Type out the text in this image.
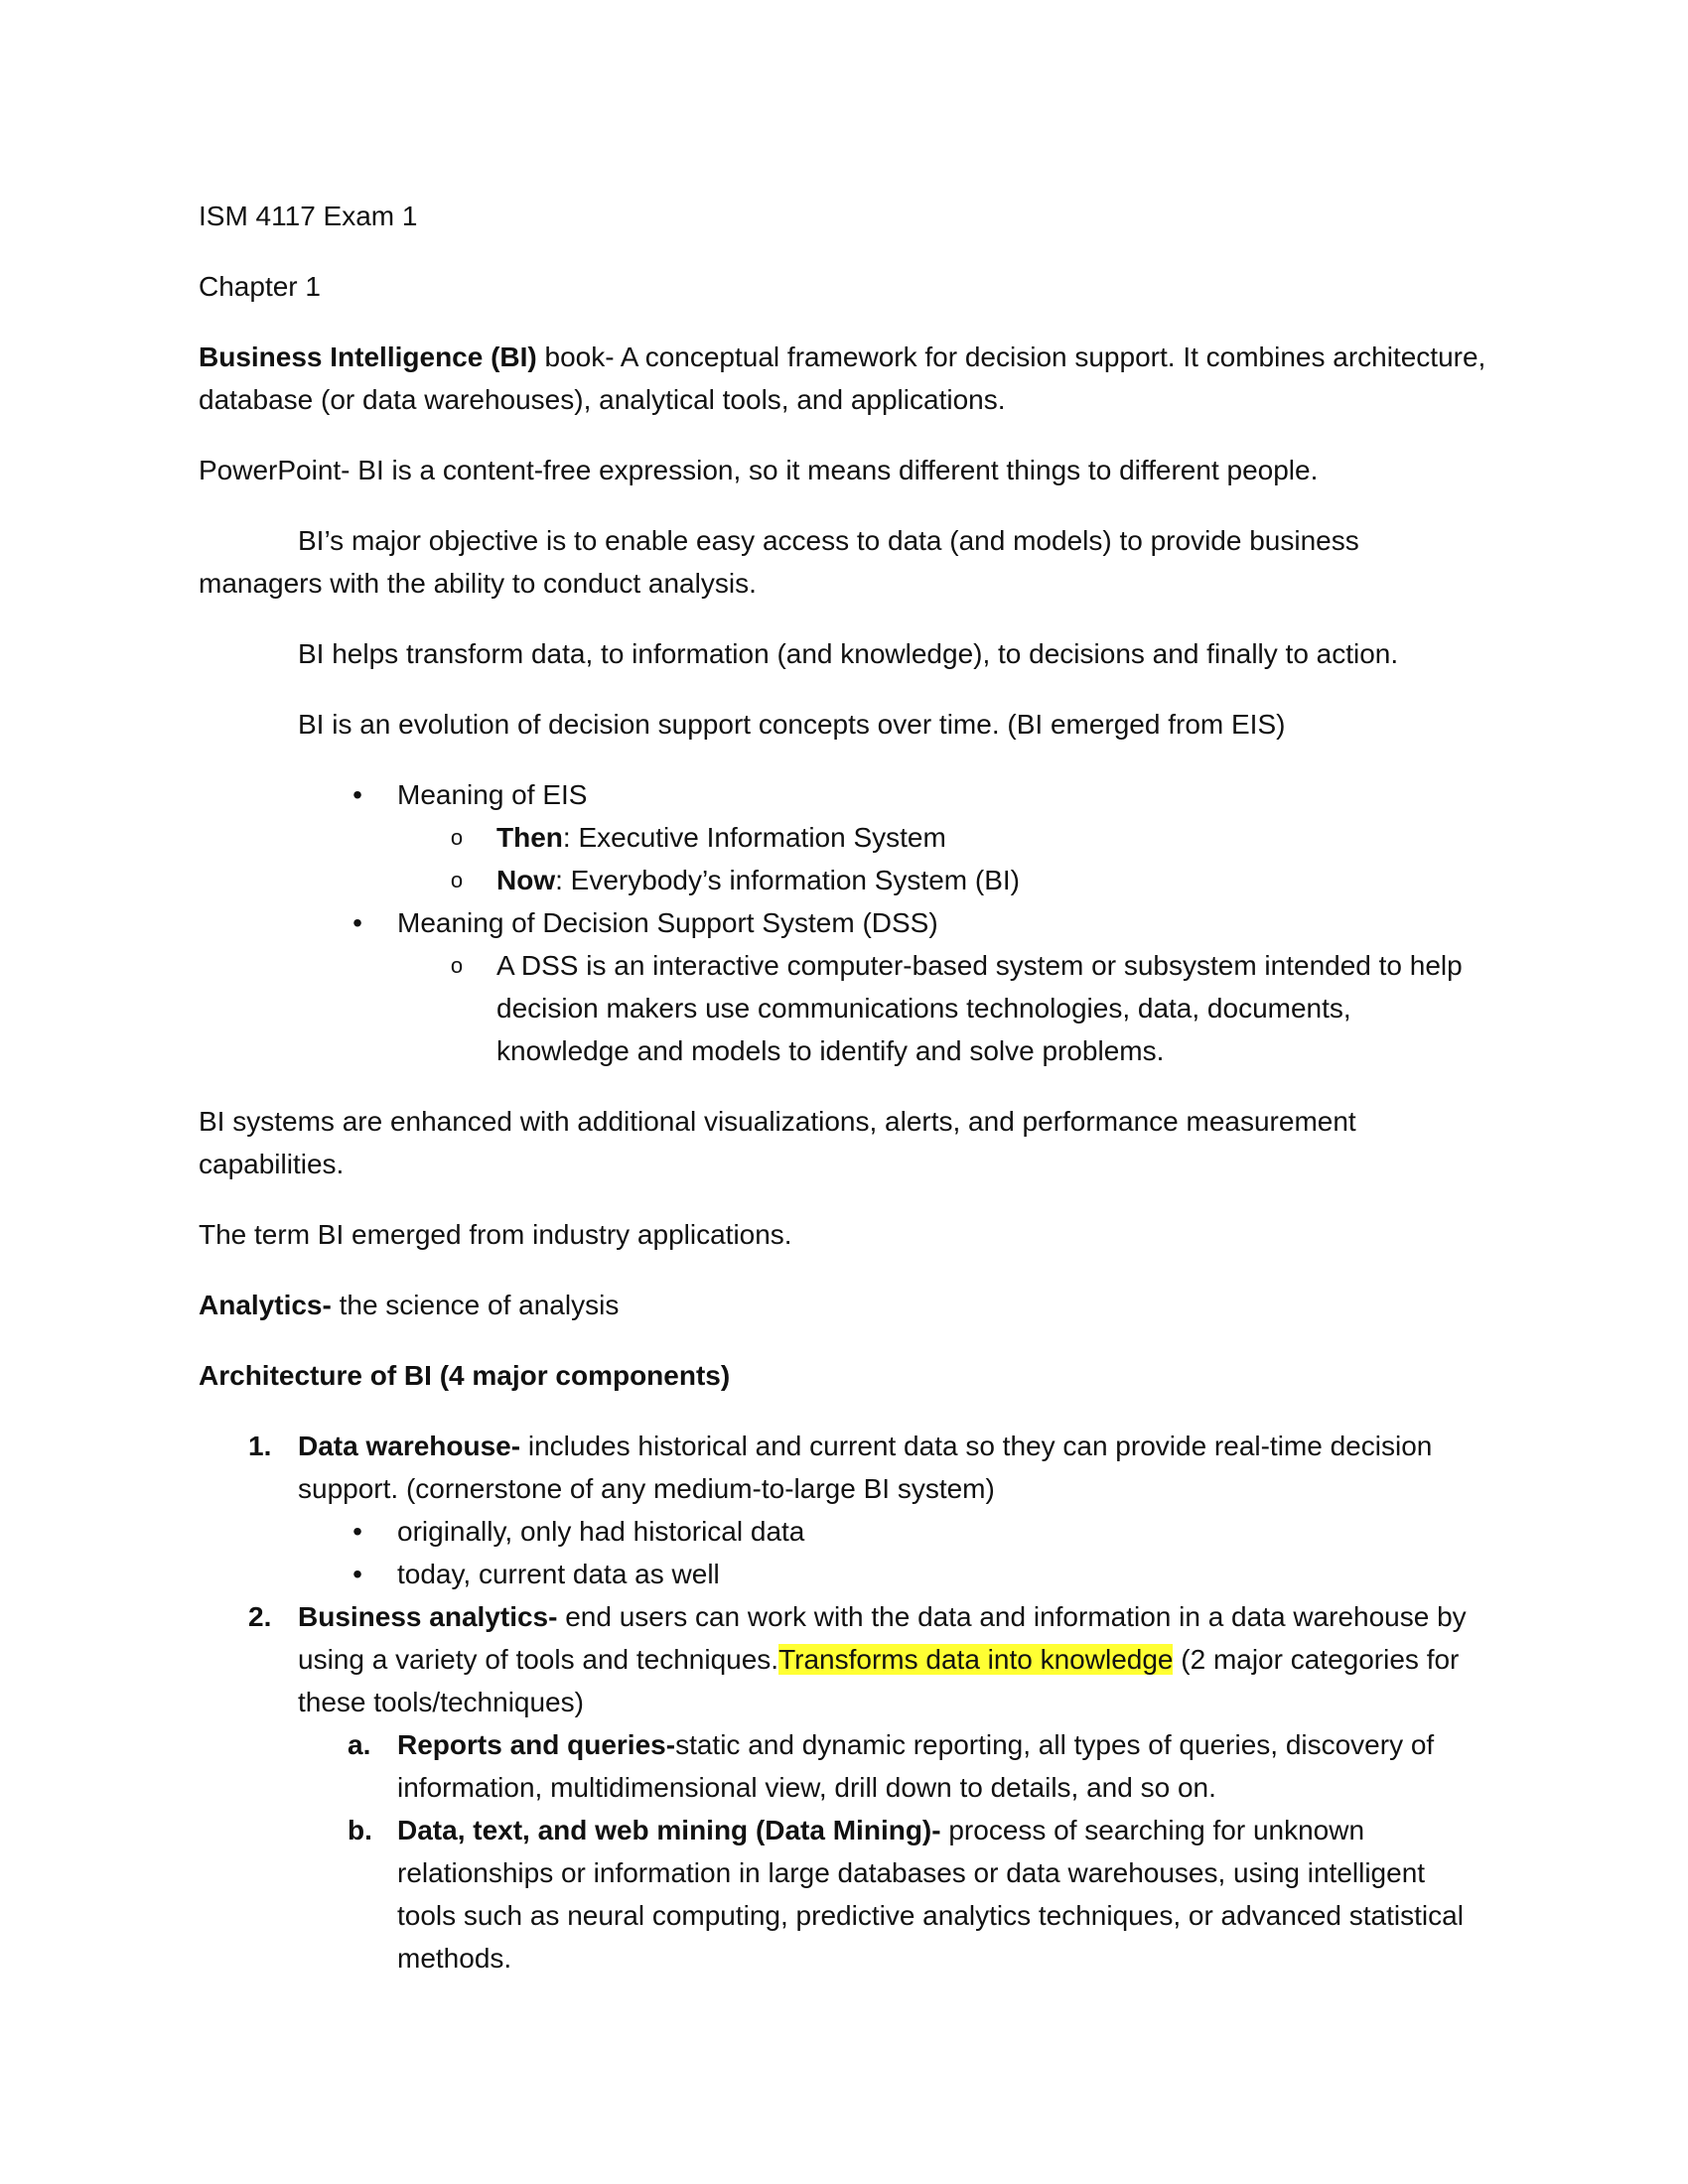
ISM 4117 Exam 1

Chapter 1

Business Intelligence (BI) book- A conceptual framework for decision support. It combines architecture, database (or data warehouses), analytical tools, and applications.

PowerPoint- BI is a content-free expression, so it means different things to different people.

BI’s major objective is to enable easy access to data (and models) to provide business managers with the ability to conduct analysis.

BI helps transform data, to information (and knowledge), to decisions and finally to action.

BI is an evolution of decision support concepts over time. (BI emerged from EIS)

• Meaning of EIS
o Then: Executive Information System
o Now: Everybody’s information System (BI)
• Meaning of Decision Support System (DSS)
o A DSS is an interactive computer-based system or subsystem intended to help decision makers use communications technologies, data, documents, knowledge and models to identify and solve problems.

BI systems are enhanced with additional visualizations, alerts, and performance measurement capabilities.

The term BI emerged from industry applications.

Analytics- the science of analysis

Architecture of BI (4 major components)

1. Data warehouse- includes historical and current data so they can provide real-time decision support. (cornerstone of any medium-to-large BI system)
• originally, only had historical data
• today, current data as well
2. Business analytics- end users can work with the data and information in a data warehouse by using a variety of tools and techniques.Transforms data into knowledge (2 major categories for these tools/techniques)
a. Reports and queries-static and dynamic reporting, all types of queries, discovery of information, multidimensional view, drill down to details, and so on.
b. Data, text, and web mining (Data Mining)- process of searching for unknown relationships or information in large databases or data warehouses, using intelligent tools such as neural computing, predictive analytics techniques, or advanced statistical methods.
